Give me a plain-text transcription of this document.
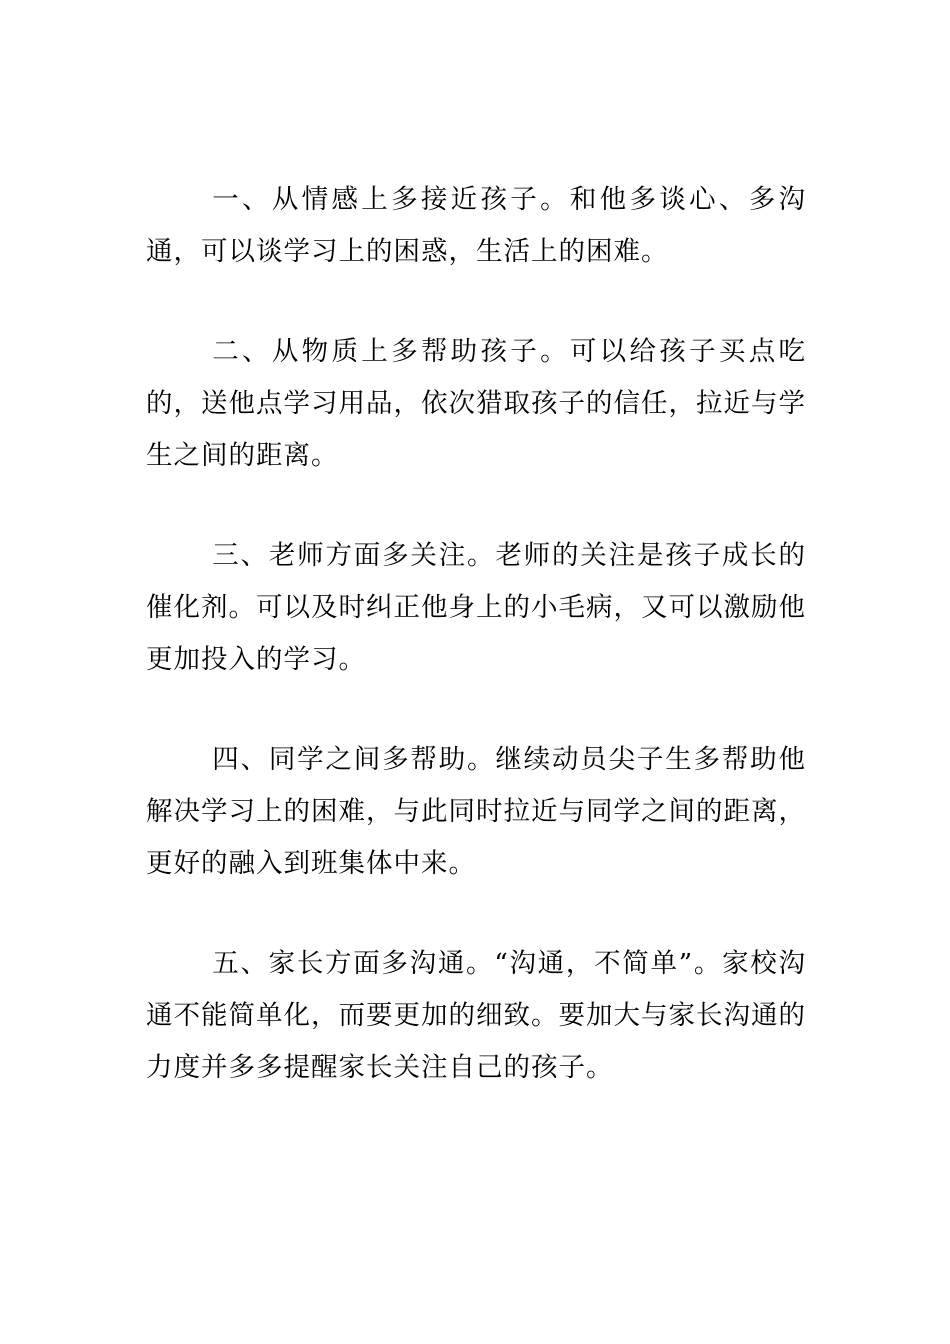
一、从情感上多接近孩子。和他多谈心、多沟通，可以谈学习上的困惑，生活上的困难。

二、从物质上多帮助孩子。可以给孩子买点吃的，送他点学习用品，依次猎取孩子的信任，拉近与学生之间的距离。

三、老师方面多关注。老师的关注是孩子成长的催化剂。可以及时纠正他身上的小毛病，又可以激励他更加投入的学习。

四、同学之间多帮助。继续动员尖子生多帮助他解决学习上的困难，与此同时拉近与同学之间的距离，更好的融入到班集体中来。

五、家长方面多沟通。“沟通，不简单”。家校沟通不能简单化，而要更加的细致。要加大与家长沟通的力度并多多提醒家长关注自己的孩子。
